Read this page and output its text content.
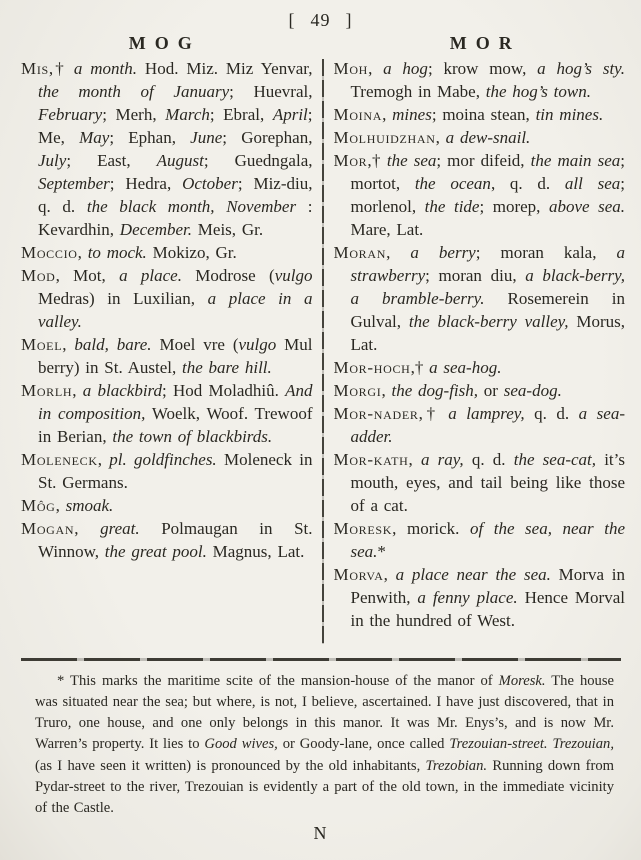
[ 49 ]
MOG	MOR

Mis,† a month. Hod. Miz. Miz Yenvar, the month of January; Huevral, February; Merh, March; Ebral, April; Me, May; Ephan, June; Gorephan, July; East, August; Guedngala, September; Hedra, October; Miz-diu, q. d. the black month, November : Kevardhin, December. Meis, Gr.

Moccio, to mock. Mokizo, Gr.

Mod, Mot, a place. Modrose (vulgo Medras) in Luxilian, a place in a valley.

Moel, bald, bare. Moel vre (vulgo Mul berry) in St. Austel, the bare hill.

Morlh, a blackbird; Hod Moladhiû. And in composition, Woelk, Woof. Trewoof in Berian, the town of blackbirds.

Moleneck, pl. goldfinches. Moleneck in St. Germans.

Môg, smoak.

Mogan, great. Polmaugan in St. Winnow, the great pool. Magnus, Lat.

Moh, a hog; krow mow, a hog’s sty. Tremogh in Mabe, the hog’s town.

Moina, mines; moina stean, tin mines.

Molhuidzhan, a dew-snail.

Mor,† the sea; mor difeid, the main sea; mortot, the ocean, q. d. all sea; morlenol, the tide; morep, above sea. Mare, Lat.

Moran, a berry; moran kala, a strawberry; moran diu, a black-berry, a bramble-berry. Rosemerein in Gulval, the black-berry valley, Morus, Lat.

Mor-hoch,† a sea-hog.

Morgi, the dog-fish, or sea-dog.

Mor-nader,† a lamprey, q. d. a sea-adder.

Mor-kath, a ray, q. d. the sea-cat, it’s mouth, eyes, and tail being like those of a cat.

Moresk, morick. of the sea, near the sea.*

Morva, a place near the sea. Morva in Penwith, a fenny place. Hence Morval in the hundred of West.

* This marks the maritime scite of the mansion-house of the manor of Moresk. The house was situated near the sea; but where, is not, I believe, ascertained. I have just discovered, that in Truro, one house, and one only belongs in this manor. It was Mr. Enys’s, and is now Mr. Warren’s property. It lies to Good wives, or Goody-lane, once called Trezouian-street. Trezouian, (as I have seen it written) is pronounced by the old inhabitants, Trezobian. Running down from Pydar-street to the river, Trezouian is evidently a part of the old town, in the immediate vicinity of the Castle.

N
